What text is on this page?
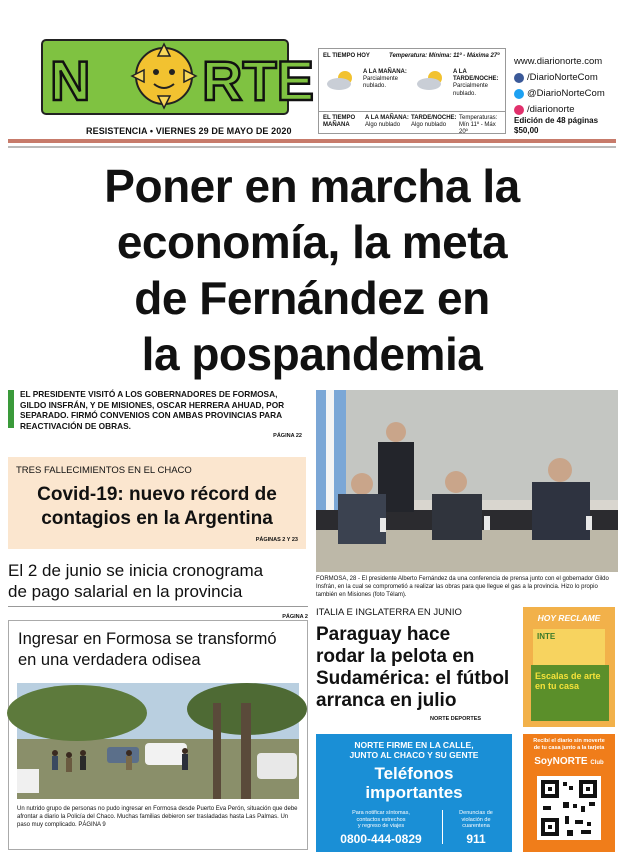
N RTE
RESISTENCIA • VIERNES 29 DE MAYO DE 2020
EL TIEMPO HOY	Temperatura: Mínima: 11º - Máxima 27º
A LA MAÑANA:
Parcialmente nublado.
A LA TARDE/NOCHE:
Parcialmente nublado.
EL TIEMPO MAÑANA
A LA MAÑANA:
Algo nublado
TARDE/NOCHE:
Algo nublado
Temperaturas: Mín 11º - Máx 20º
www.diarionorte.com
/DiarioNorteCom
@DiarioNorteCom
/diarionorte
Edición de 48 páginas
$50,00
Poner en marcha la
economía, la meta
de Fernández en
la pospandemia
EL PRESIDENTE VISITÓ A LOS GOBERNADORES DE FORMOSA, GILDO INSFRÁN, Y DE MISIONES, OSCAR HERRERA AHUAD, POR SEPARADO. FIRMÓ CONVENIOS CON AMBAS PROVINCIAS PARA REACTIVACIÓN DE OBRAS.
PÁGINA 22
FORMOSA, 28 - El presidente Alberto Fernández da una conferencia de prensa junto con el gobernador Gildo Insfrán, en la cual se comprometió a realizar las obras para que llegue el gas a la provincia. Hizo lo propio también en Misiones (foto Télam).
TRES FALLECIMIENTOS EN EL CHACO
Covid-19: nuevo récord de
contagios en la Argentina
PÁGINAS 2 Y 23
El 2 de junio se inicia cronograma
de pago salarial en la provincia
PÁGINA 2
Ingresar en Formosa se transformó
en una verdadera odisea
Un nutrido grupo de personas no pudo ingresar en Formosa desde Puerto Eva Perón, situación que debe afrontar a diario la Policía del Chaco. Muchas familias debieron ser trasladadas hasta Las Palmas. Un paso muy complicado. PÁGINA 9
ITALIA E INGLATERRA EN JUNIO
Paraguay hace
rodar la pelota en
Sudamérica: el fútbol
arranca en julio
NORTE DEPORTES
HOY RECLAME
INTE
Escalas de arte en tu casa
NORTE FIRME EN LA CALLE,
JUNTO AL CHACO Y SU GENTE
Teléfonos
importantes
Para notificar síntomas,
contactos estrechos
y regreso de viajes
Denuncias de
violación de
cuarentena
0800-444-0829	911
Recibí el diario sin moverte
de tu casa junto a la tarjeta
SoyNORTE Club
